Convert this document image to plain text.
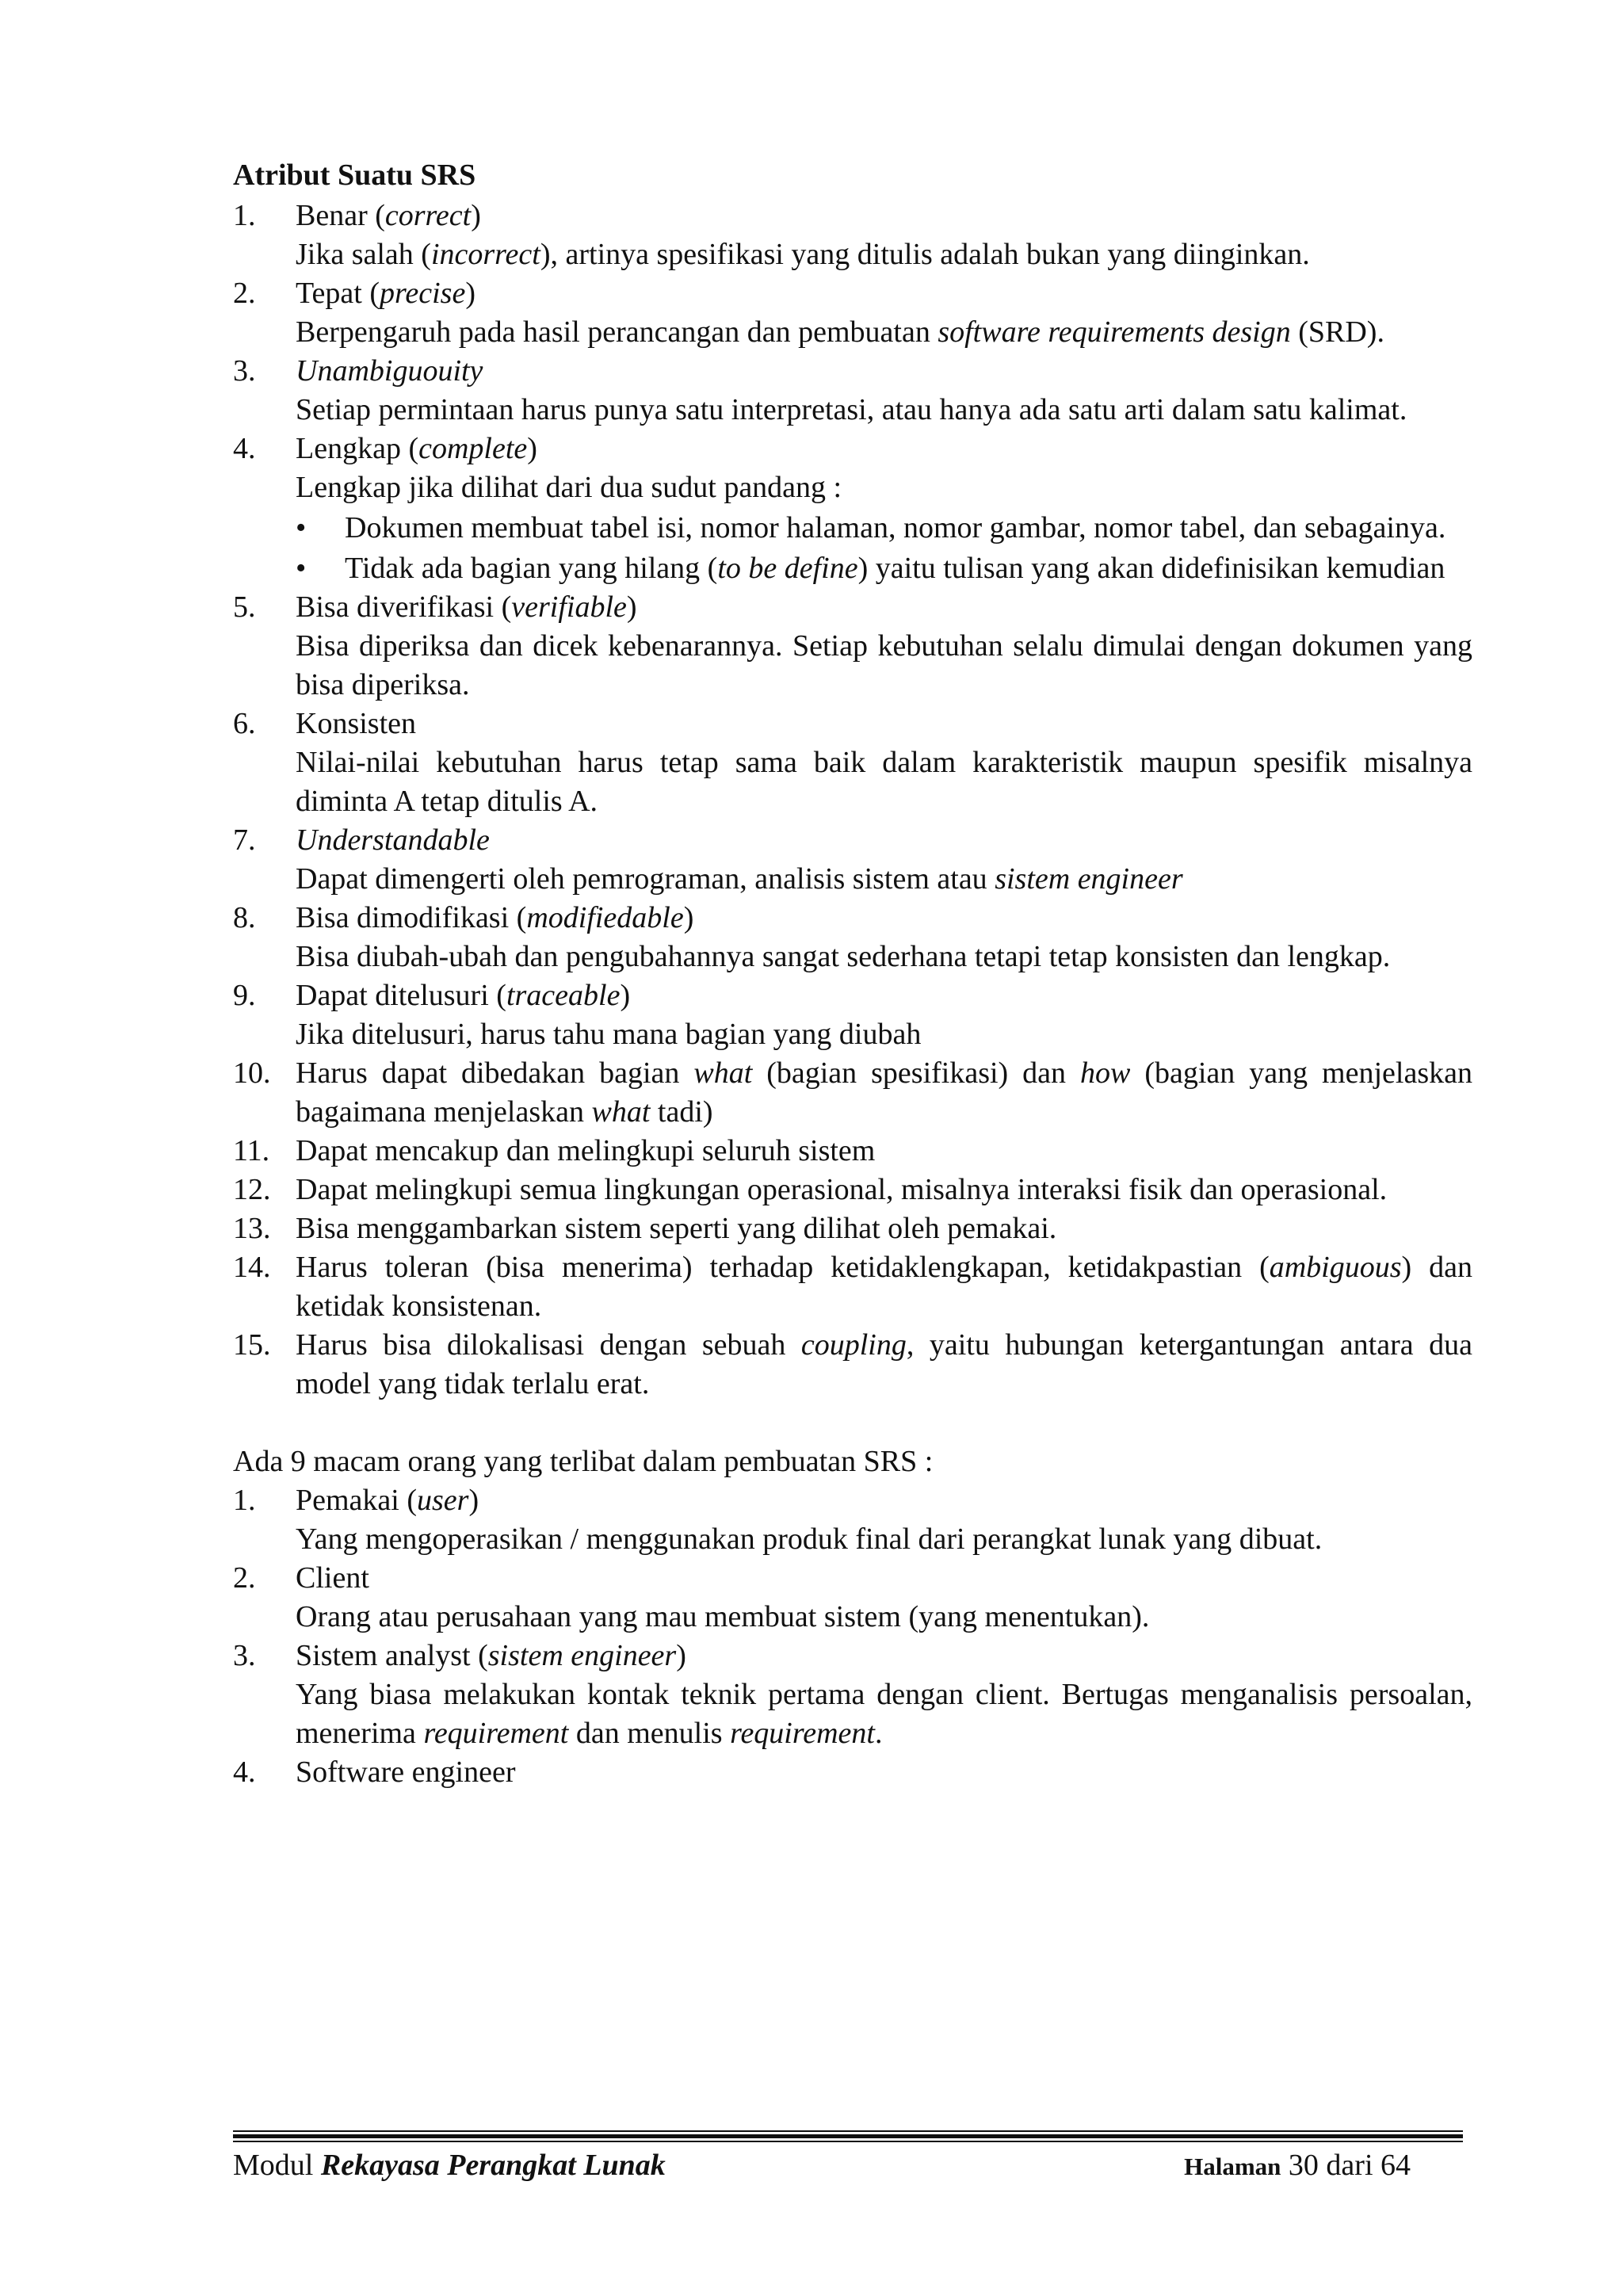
Atribut Suatu SRS
1. Benar (correct)
Jika salah (incorrect), artinya spesifikasi yang ditulis adalah bukan yang diinginkan.
2. Tepat (precise)
Berpengaruh pada hasil perancangan dan pembuatan software requirements design (SRD).
3. Unambiguouity
Setiap permintaan harus punya satu interpretasi, atau hanya ada satu arti dalam satu kalimat.
4. Lengkap (complete)
Lengkap jika dilihat dari dua sudut pandang :
• Dokumen membuat tabel isi, nomor halaman, nomor gambar, nomor tabel, dan sebagainya.
• Tidak ada bagian yang hilang (to be define) yaitu tulisan yang akan didefinisikan kemudian
5. Bisa diverifikasi (verifiable)
Bisa diperiksa dan dicek kebenarannya. Setiap kebutuhan selalu dimulai dengan dokumen yang bisa diperiksa.
6. Konsisten
Nilai-nilai kebutuhan harus tetap sama baik dalam karakteristik maupun spesifik misalnya diminta A tetap ditulis A.
7. Understandable
Dapat dimengerti oleh pemrograman, analisis sistem atau sistem engineer
8. Bisa dimodifikasi (modifiedable)
Bisa diubah-ubah dan pengubahannya sangat sederhana tetapi tetap konsisten dan lengkap.
9. Dapat ditelusuri (traceable)
Jika ditelusuri, harus tahu mana bagian yang diubah
10. Harus dapat dibedakan bagian what (bagian spesifikasi) dan how (bagian yang menjelaskan bagaimana menjelaskan what tadi)
11. Dapat mencakup dan melingkupi seluruh sistem
12. Dapat melingkupi semua lingkungan operasional, misalnya interaksi fisik dan operasional.
13. Bisa menggambarkan sistem seperti yang dilihat oleh pemakai.
14. Harus toleran (bisa menerima) terhadap ketidaklengkapan, ketidakpastian (ambiguous) dan ketidak konsistenan.
15. Harus bisa dilokalisasi dengan sebuah coupling, yaitu hubungan ketergantungan antara dua model yang tidak terlalu erat.
Ada 9 macam orang yang terlibat dalam pembuatan SRS :
1. Pemakai (user)
Yang mengoperasikan / menggunakan produk final dari perangkat lunak yang dibuat.
2. Client
Orang atau perusahaan yang mau membuat sistem (yang menentukan).
3. Sistem analyst (sistem engineer)
Yang biasa melakukan kontak teknik pertama dengan client. Bertugas menganalisis persoalan, menerima requirement dan menulis requirement.
4. Software engineer
Modul Rekayasa Perangkat Lunak	Halaman 30 dari 64
